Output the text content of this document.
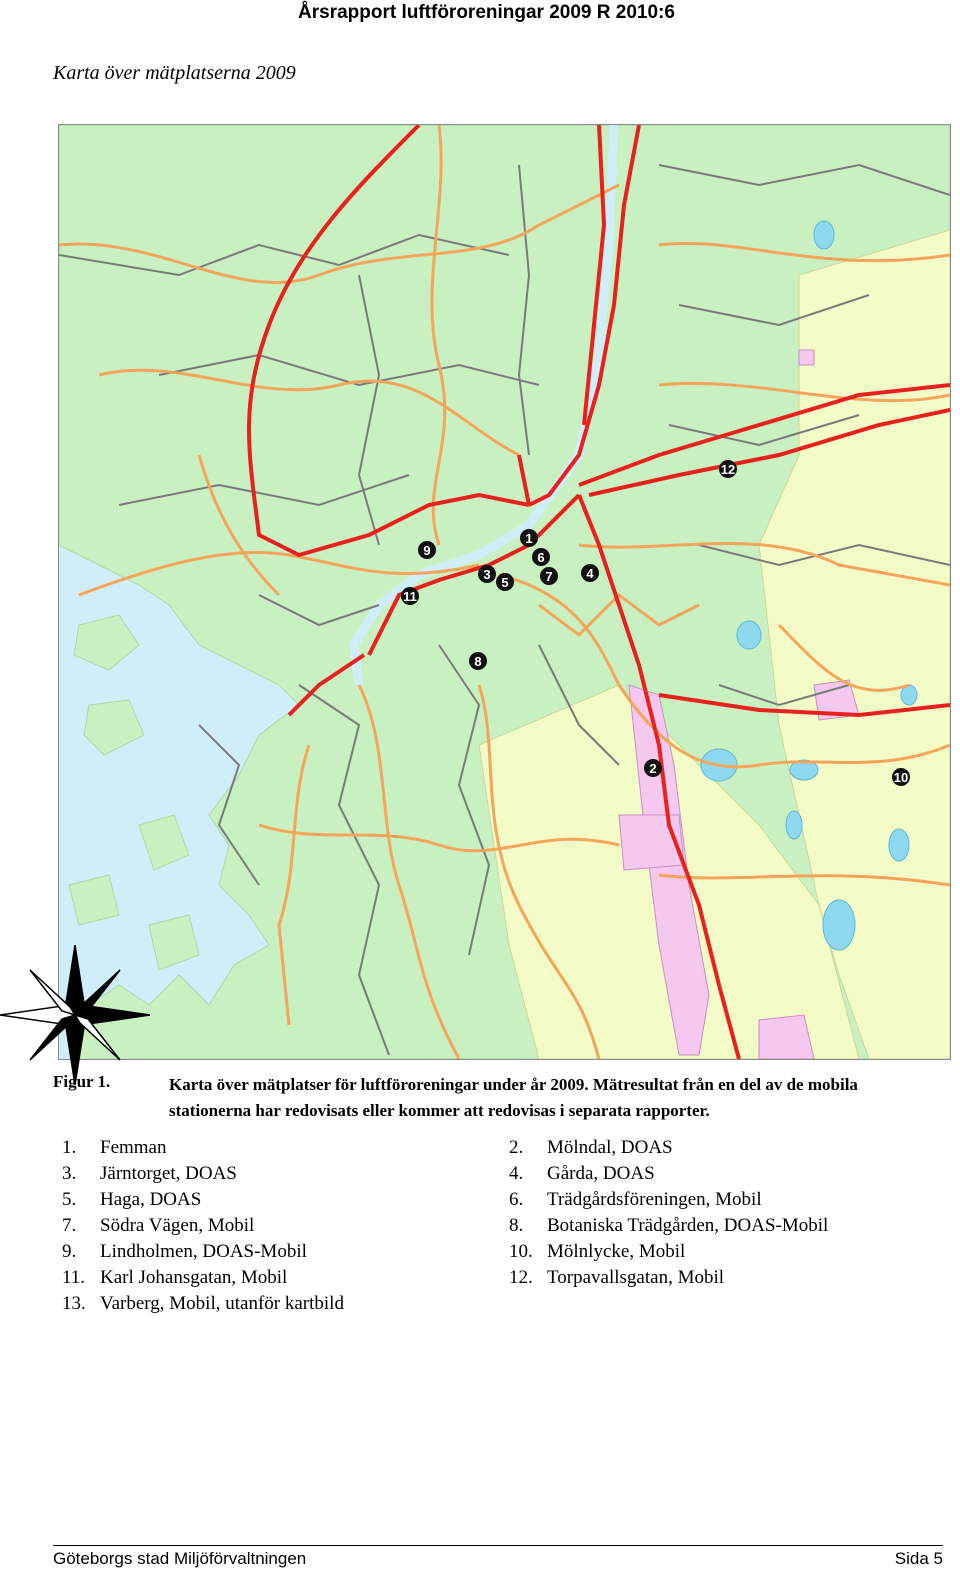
Årsrapport luftföroreningar 2009 R 2010:6
Karta över mätplatserna 2009
1
2
3	4
5
6
7
8
9
10
11
12
Figur 1.	Karta över mätplatser för luftföroreningar under år 2009. Mätresultat från en del av de mobila stationerna har redovisats eller kommer att redovisas i separata rapporter.
1. Femman	2. Mölndal, DOAS
3. Järntorget, DOAS	4. Gårda, DOAS
5. Haga, DOAS	6. Trädgårdsföreningen, Mobil
7. Södra Vägen, Mobil	8. Botaniska Trädgården, DOAS-Mobil
9. Lindholmen, DOAS-Mobil	10. Mölnlycke, Mobil
11. Karl Johansgatan, Mobil	12. Torpavallsgatan, Mobil
13. Varberg, Mobil, utanför kartbild
Göteborgs stad Miljöförvaltningen	Sida 5
